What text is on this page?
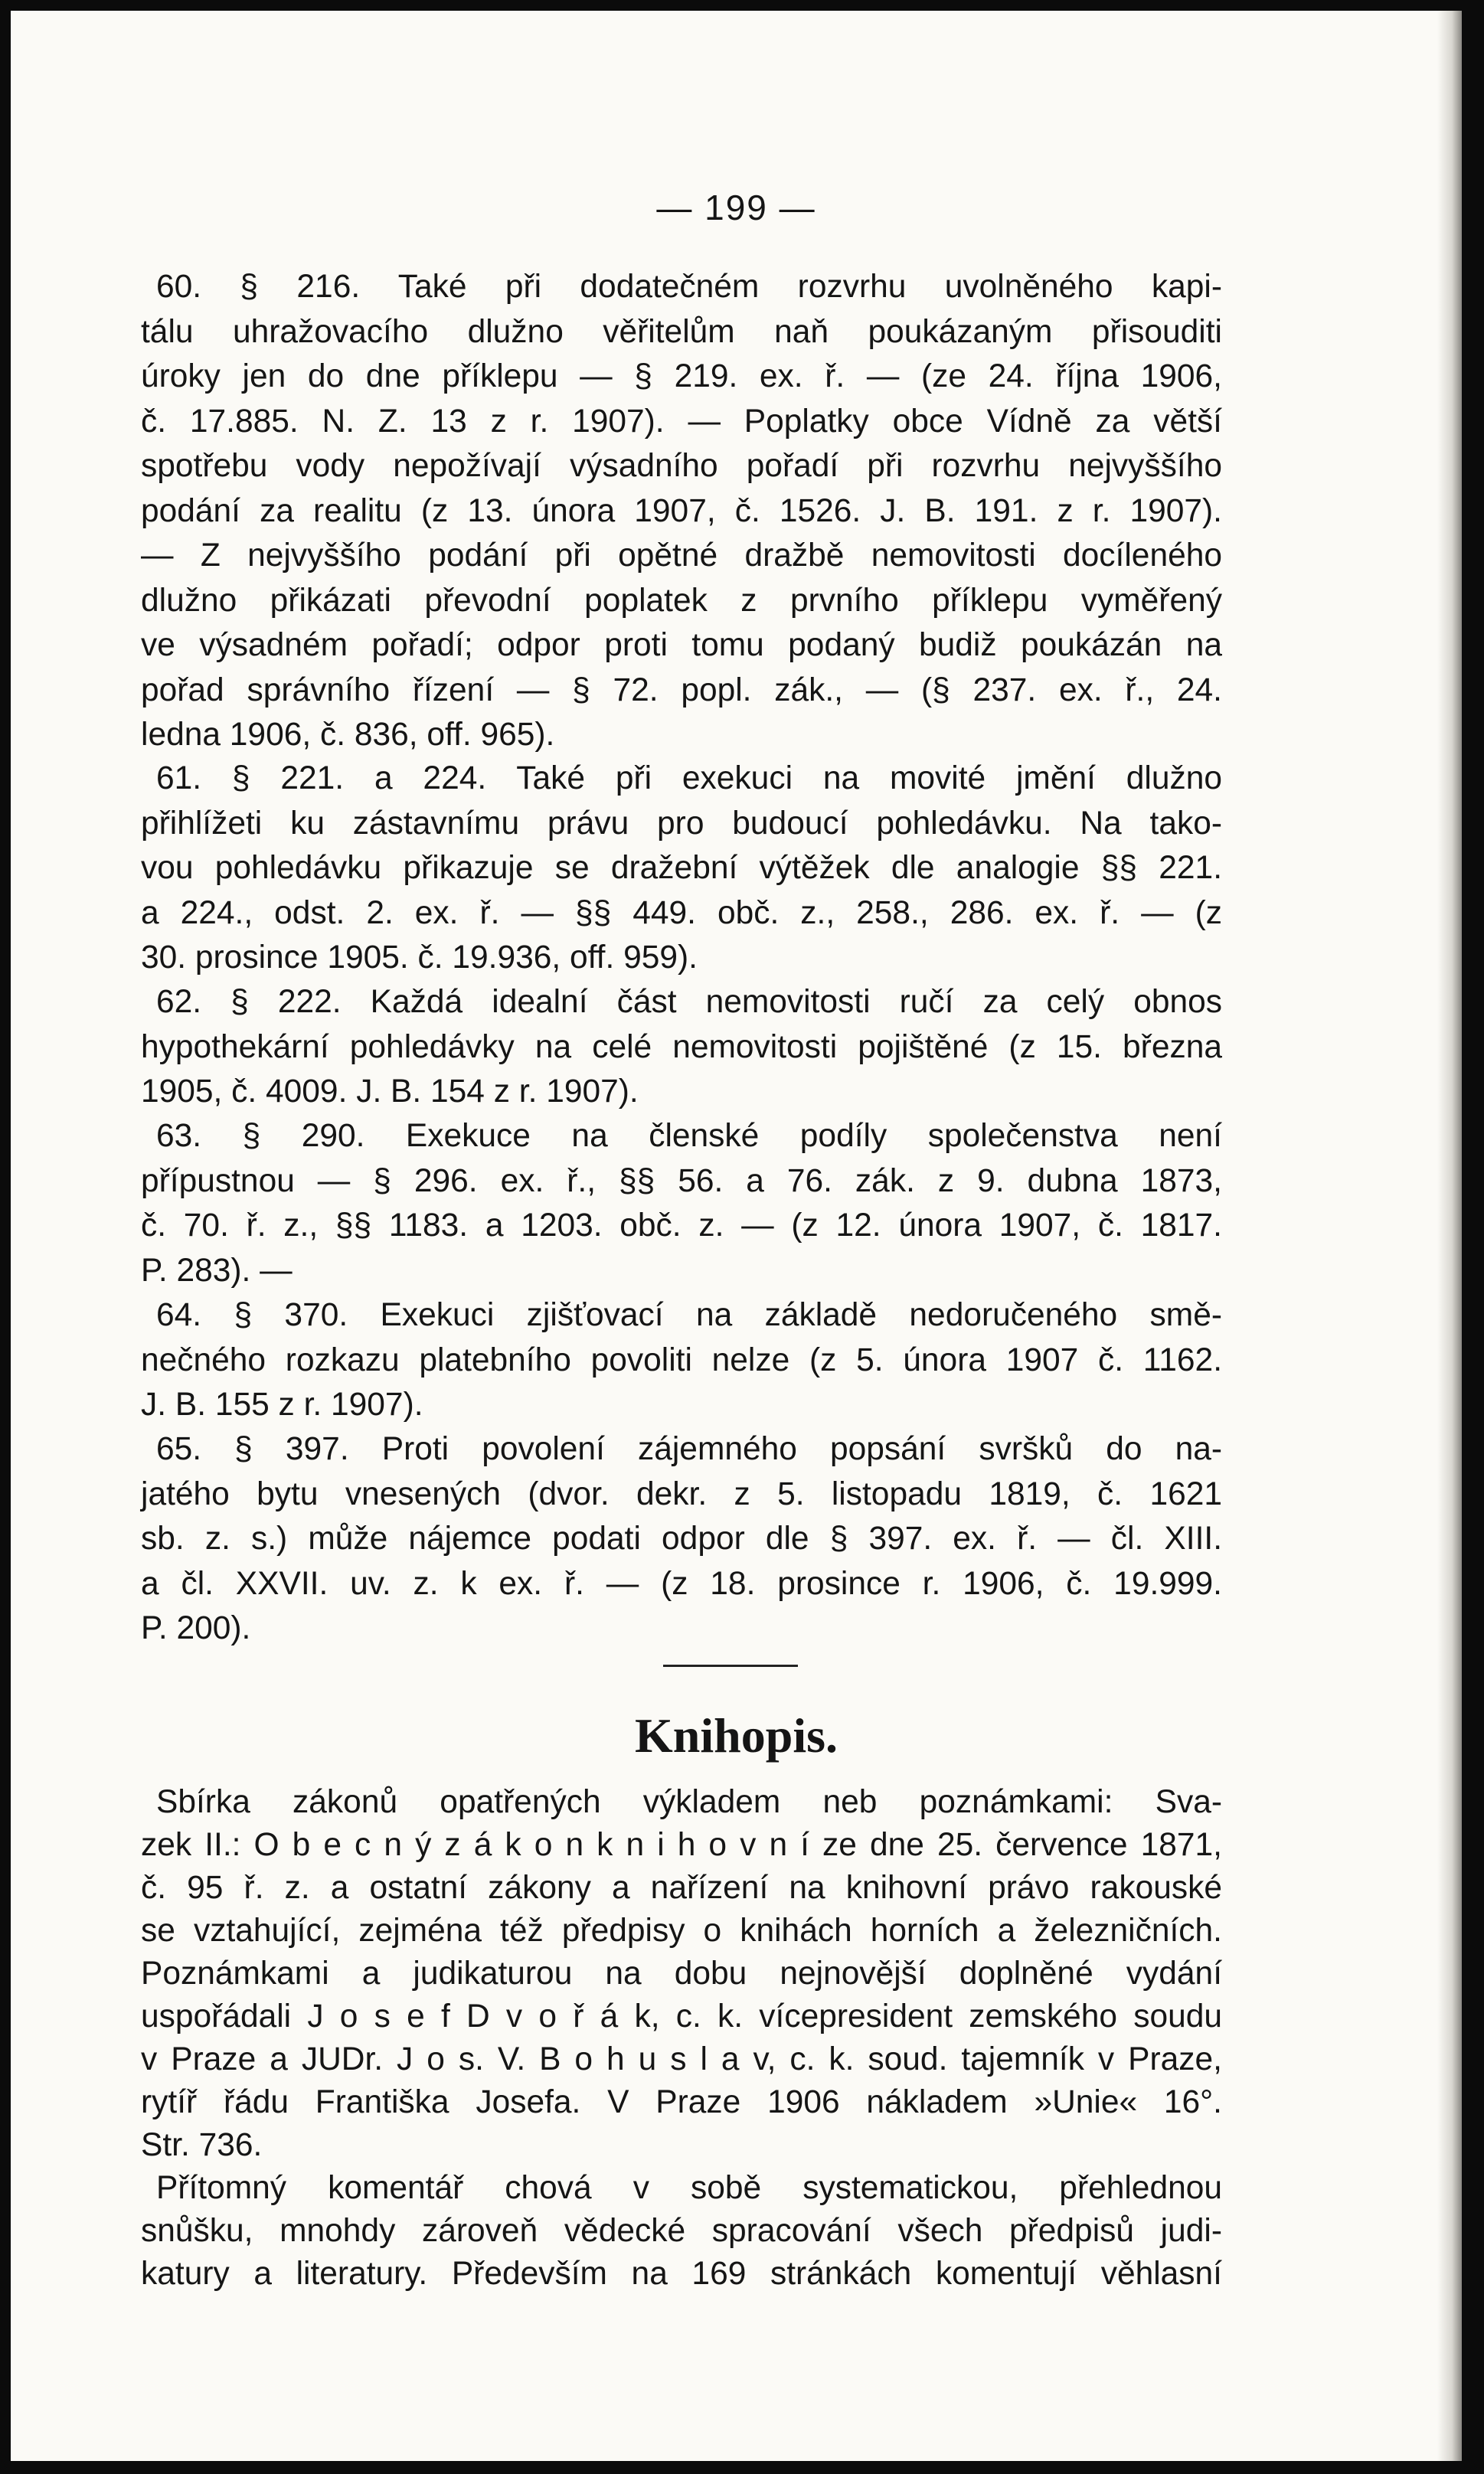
— 199 —
60. § 216. Také při dodatečném rozvrhu uvolněného kapi-
tálu uhražovacího dlužno věřitelům naň poukázaným přisouditi
úroky jen do dne příklepu — § 219. ex. ř. — (ze 24. října 1906,
č. 17.885. N. Z. 13 z r. 1907). — Poplatky obce Vídně za větší
spotřebu vody nepožívají výsadního pořadí při rozvrhu nejvyššího
podání za realitu (z 13. února 1907, č. 1526. J. B. 191. z r. 1907).
— Z nejvyššího podání při opětné dražbě nemovitosti docíleného
dlužno přikázati převodní poplatek z prvního příklepu vyměřený
ve výsadném pořadí; odpor proti tomu podaný budiž poukázán na
pořad správního řízení — § 72. popl. zák., — (§ 237. ex. ř., 24.
ledna 1906, č. 836, off. 965).
61. § 221. a 224. Také při exekuci na movité jmění dlužno
přihlížeti ku zástavnímu právu pro budoucí pohledávku. Na tako-
vou pohledávku přikazuje se dražební výtěžek dle analogie §§ 221.
a 224., odst. 2. ex. ř. — §§ 449. obč. z., 258., 286. ex. ř. — (z
30. prosince 1905. č. 19.936, off. 959).
62. § 222. Každá idealní část nemovitosti ručí za celý obnos
hypothekární pohledávky na celé nemovitosti pojištěné (z 15. března
1905, č. 4009. J. B. 154 z r. 1907).
63. § 290. Exekuce na členské podíly společenstva není
přípustnou — § 296. ex. ř., §§ 56. a 76. zák. z 9. dubna 1873,
č. 70. ř. z., §§ 1183. a 1203. obč. z. — (z 12. února 1907, č. 1817.
P. 283). —
64. § 370. Exekuci zjišťovací na základě nedoručeného smě-
nečného rozkazu platebního povoliti nelze (z 5. února 1907 č. 1162.
J. B. 155 z r. 1907).
65. § 397. Proti povolení zájemného popsání svršků do na-
jatého bytu vnesených (dvor. dekr. z 5. listopadu 1819, č. 1621
sb. z. s.) může nájemce podati odpor dle § 397. ex. ř. — čl. XIII.
a čl. XXVII. uv. z. k ex. ř. — (z 18. prosince r. 1906, č. 19.999.
P. 200).
Knihopis.
Sbírka zákonů opatřených výkladem neb poznámkami: Sva-
zek II.: O b e c n ý z á k o n k n i h o v n í ze dne 25. července 1871,
č. 95 ř. z. a ostatní zákony a nařízení na knihovní právo rakouské
se vztahující, zejména též předpisy o knihách horních a železničních.
Poznámkami a judikaturou na dobu nejnovější doplněné vydání
uspořádali J o s e f D v o ř á k, c. k. vícepresident zemského soudu
v Praze a JUDr. J o s. V. B o h u s l a v, c. k. soud. tajemník v Praze,
rytíř řádu Františka Josefa. V Praze 1906 nákladem »Unie« 16°.
Str. 736.
Přítomný komentář chová v sobě systematickou, přehlednou
snůšku, mnohdy zároveň vědecké spracování všech předpisů judi-
katury a literatury. Především na 169 stránkách komentují věhlasní
